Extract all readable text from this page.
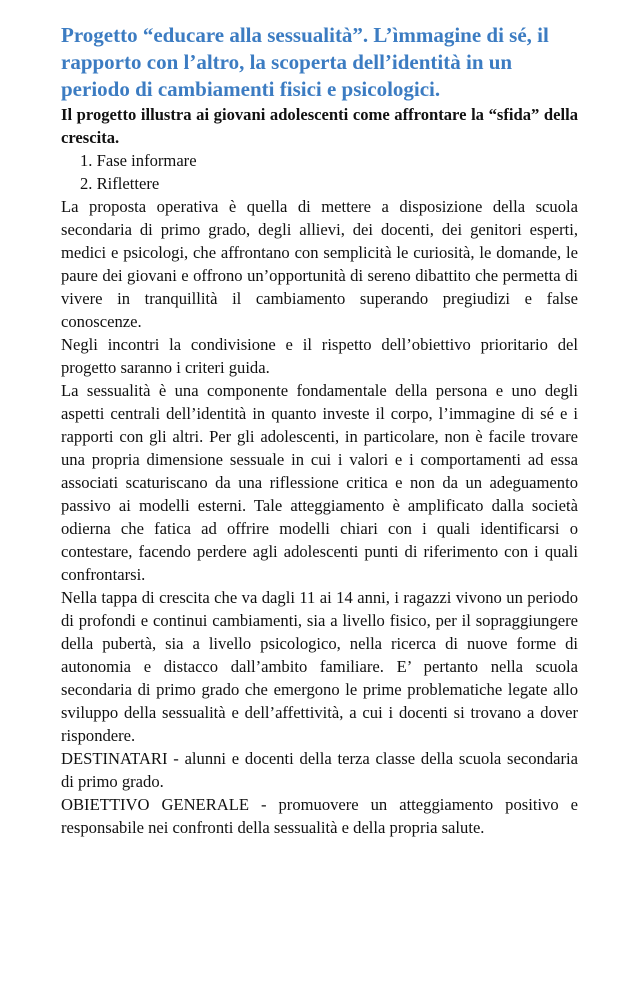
Progetto “educare alla sessualità”. L’ìmmagine di sé, il rapporto con l’altro, la scoperta dell’identità in un periodo di cambiamenti fisici e psicologici.

Il progetto illustra ai giovani adolescenti come affrontare la “sfida” della crescita.

1. Fase informare
2. Riflettere

La proposta operativa è quella di mettere a disposizione della scuola secondaria di primo grado, degli allievi, dei docenti, dei genitori esperti, medici e psicologi, che affrontano con semplicità le curiosità, le domande, le paure dei giovani e offrono un’opportunità di sereno dibattito che permetta di vivere in tranquillità il cambiamento superando pregiudizi e false conoscenze.

Negli incontri la condivisione e il rispetto dell’obiettivo prioritario del progetto saranno i criteri guida.

La sessualità è una componente fondamentale della persona e uno degli aspetti centrali dell’identità in quanto investe il corpo, l’immagine di sé e i rapporti con gli altri. Per gli adolescenti, in particolare, non è facile trovare una propria dimensione sessuale in cui i valori e i comportamenti ad essa associati scaturiscano da una riflessione critica e non da un adeguamento passivo ai modelli esterni. Tale atteggiamento è amplificato dalla società odierna che fatica ad offrire modelli chiari con i quali identificarsi o contestare, facendo perdere agli adolescenti punti di riferimento con i quali confrontarsi.

Nella tappa di crescita che va dagli 11 ai 14 anni, i ragazzi vivono un periodo di profondi e continui cambiamenti, sia a livello fisico, per il sopraggiungere della pubertà, sia a livello psicologico, nella ricerca di nuove forme di autonomia e distacco dall’ambito familiare. E’ pertanto nella scuola secondaria di primo grado che emergono le prime problematiche legate allo sviluppo della sessualità e dell’affettività, a cui i docenti si trovano a dover rispondere.

DESTINATARI - alunni e docenti della terza classe della scuola secondaria di primo grado.

OBIETTIVO GENERALE - promuovere un atteggiamento positivo e responsabile nei confronti della sessualità e della propria salute.
